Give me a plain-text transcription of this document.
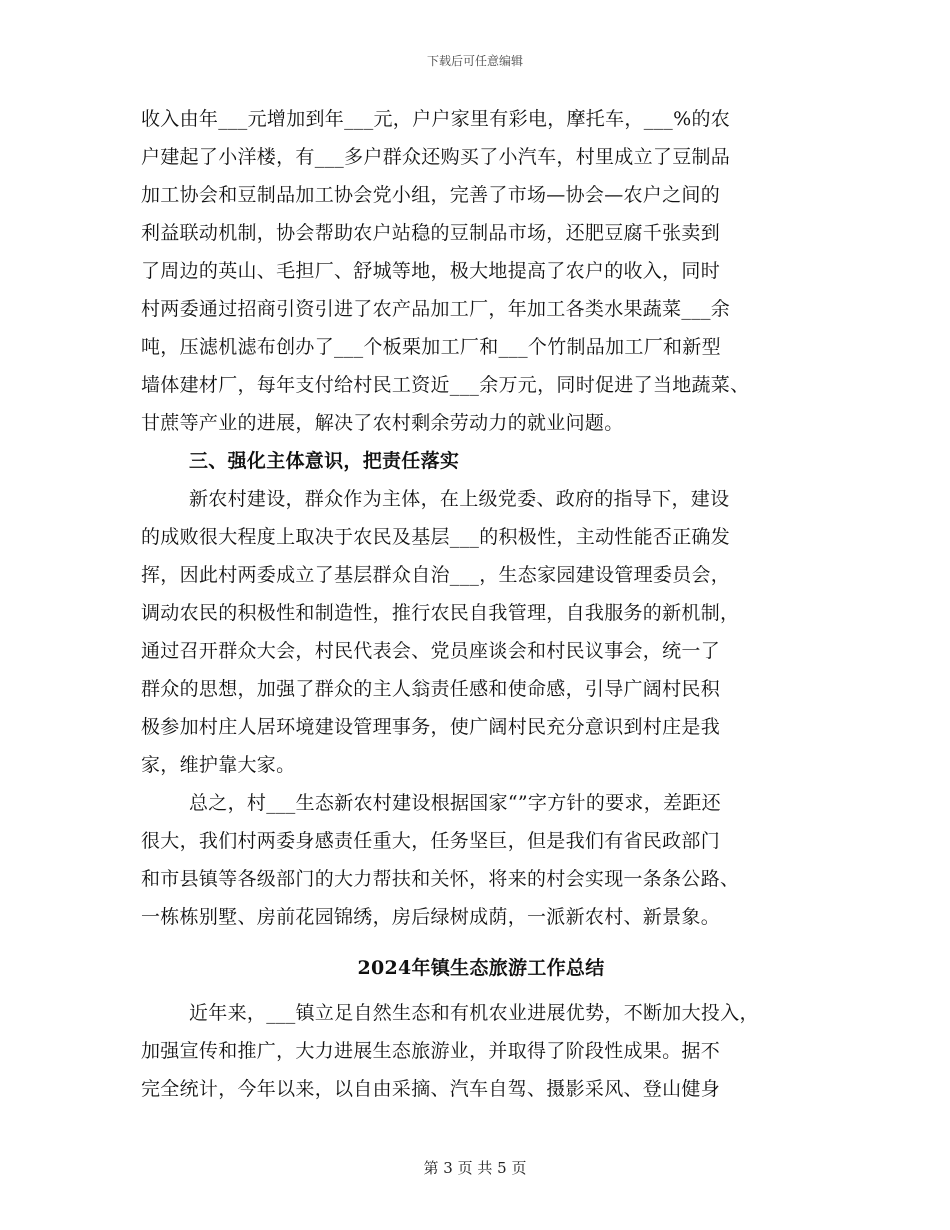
下载后可任意编辑
收入由年___元增加到年___元，户户家里有彩电，摩托车，___%的农
户建起了小洋楼，有___多户群众还购买了小汽车，村里成立了豆制品
加工协会和豆制品加工协会党小组，完善了市场—协会—农户之间的
利益联动机制，协会帮助农户站稳的豆制品市场，还肥豆腐千张卖到
了周边的英山、毛担厂、舒城等地，极大地提高了农户的收入，同时
村两委通过招商引资引进了农产品加工厂，年加工各类水果蔬菜___余
吨，压滤机滤布创办了___个板栗加工厂和___个竹制品加工厂和新型
墙体建材厂，每年支付给村民工资近___余万元，同时促进了当地蔬菜、
甘蔗等产业的进展，解决了农村剩余劳动力的就业问题。
三、强化主体意识，把责任落实
新农村建设，群众作为主体，在上级党委、政府的指导下，建设
的成败很大程度上取决于农民及基层___的积极性，主动性能否正确发
挥，因此村两委成立了基层群众自治___，生态家园建设管理委员会，
调动农民的积极性和制造性，推行农民自我管理，自我服务的新机制，
通过召开群众大会，村民代表会、党员座谈会和村民议事会，统一了
群众的思想，加强了群众的主人翁责任感和使命感，引导广阔村民积
极参加村庄人居环境建设管理事务，使广阔村民充分意识到村庄是我
家，维护靠大家。
总之，村___生态新农村建设根据国家“”字方针的要求，差距还
很大，我们村两委身感责任重大，任务坚巨，但是我们有省民政部门
和市县镇等各级部门的大力帮扶和关怀，将来的村会实现一条条公路、
一栋栋别墅、房前花园锦绣，房后绿树成荫，一派新农村、新景象。
2024年镇生态旅游工作总结
近年来，___镇立足自然生态和有机农业进展优势，不断加大投入，
加强宣传和推广，大力进展生态旅游业，并取得了阶段性成果。据不
完全统计，今年以来，以自由采摘、汽车自驾、摄影采风、登山健身
第 3 页 共 5 页
